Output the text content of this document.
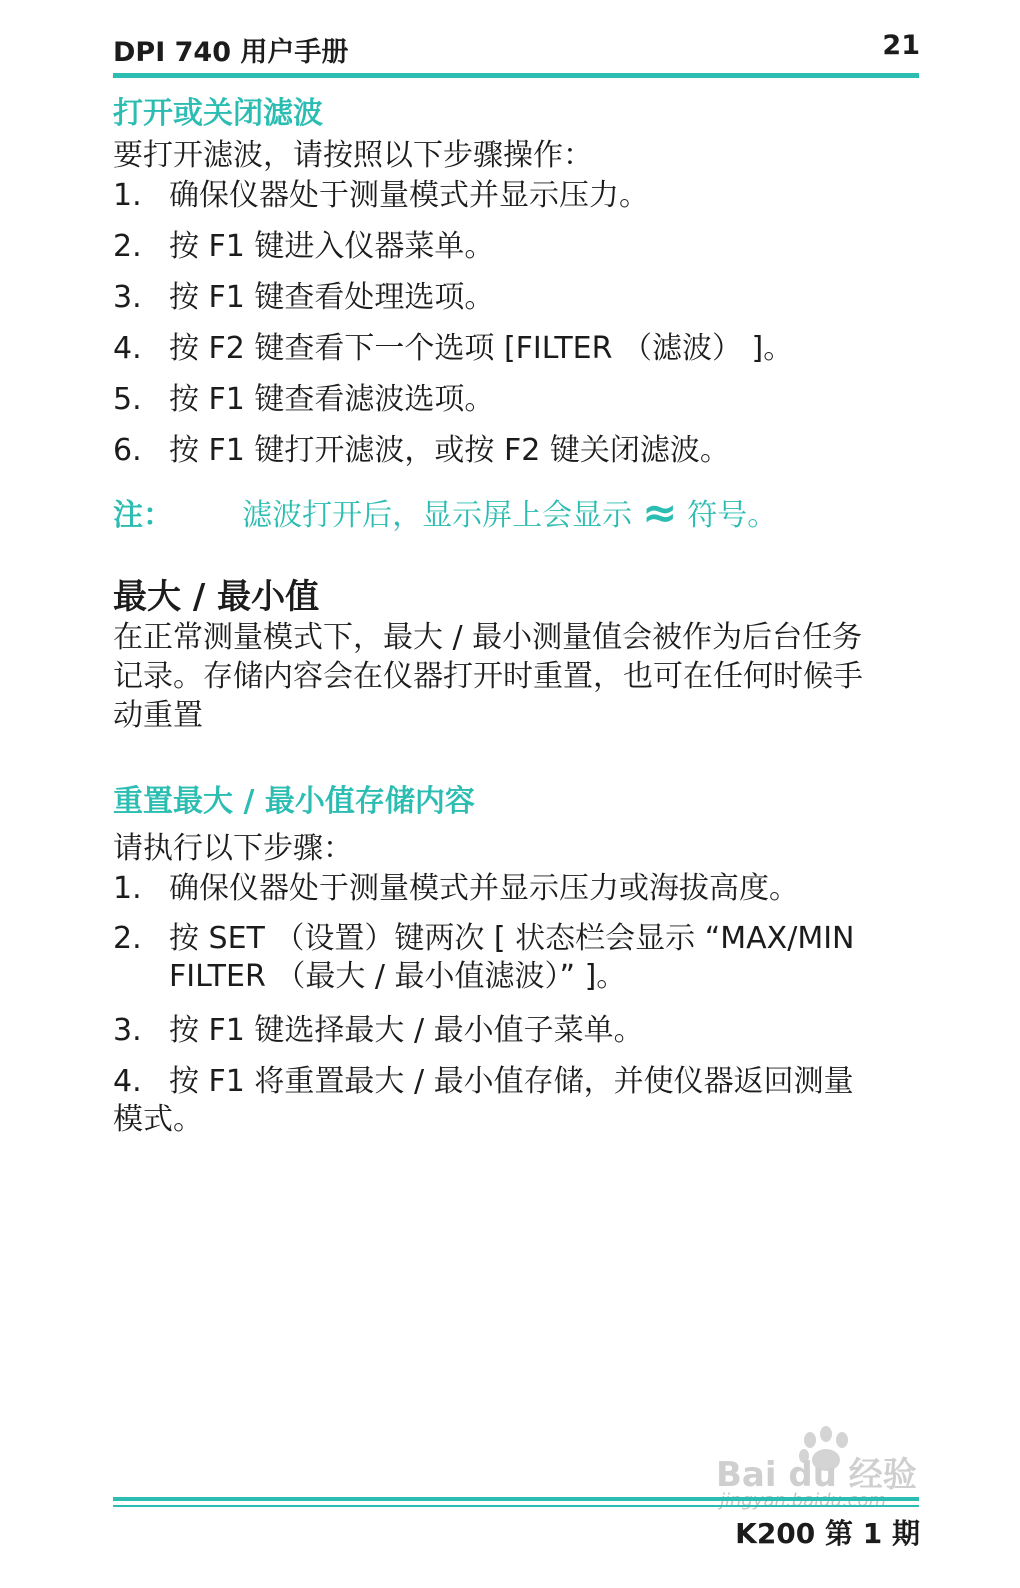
DPI 740 用户手册	21
打开或关闭滤波
要打开滤波，请按照以下步骤操作：
1. 确保仪器处于测量模式并显示压力。
2. 按 F1 键进入仪器菜单。
3. 按 F1 键查看处理选项。
4. 按 F2 键查看下一个选项 [FILTER （滤波） ]。
5. 按 F1 键查看滤波选项。
6. 按 F1 键打开滤波，或按 F2 键关闭滤波。
注： 滤波打开后，显示屏上会显示 ≈ 符号。
最大 / 最小值
在正常测量模式下，最大 / 最小测量值会被作为后台任务
记录。存储内容会在仪器打开时重置，也可在任何时候手
动重置
重置最大 / 最小值存储内容
请执行以下步骤：
1. 确保仪器处于测量模式并显示压力或海拔高度。
2. 按 SET （设置）键两次 [ 状态栏会显示 “MAX/MIN
FILTER （最大 / 最小值滤波）” ]。
3. 按 F1 键选择最大 / 最小值子菜单。
4. 按 F1 将重置最大 / 最小值存储，并使仪器返回测量
模式。
Bai du 经验
K200 第 1 期
